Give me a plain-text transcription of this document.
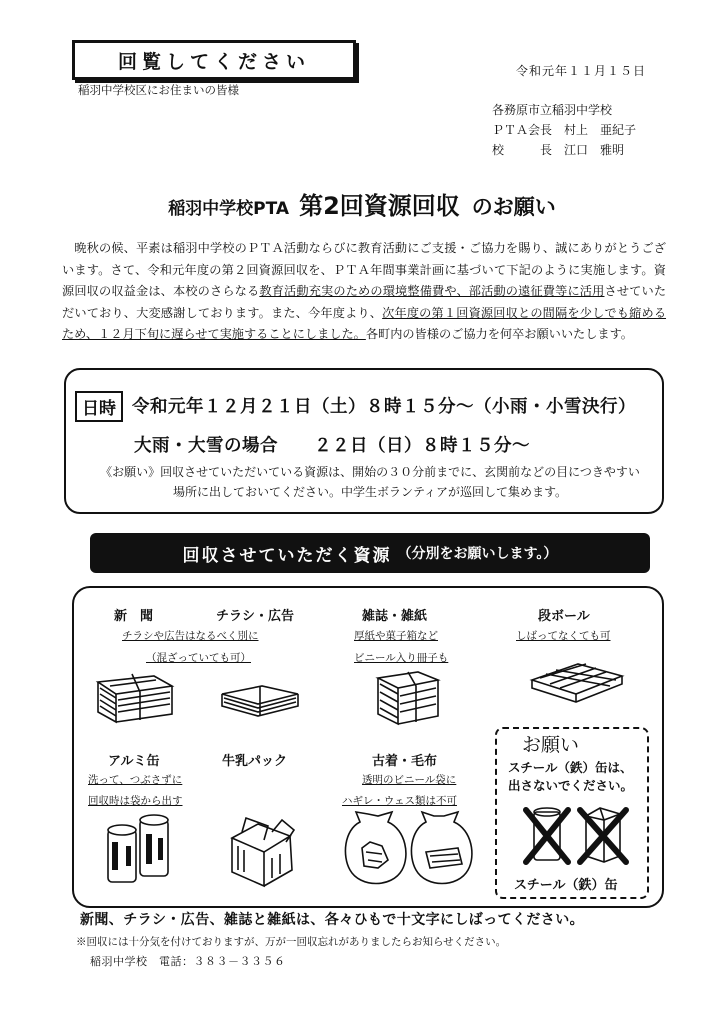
回覧してください	令和元年１１月１５日
稲羽中学校区にお住まいの皆様
各務原市立稲羽中学校
ＰＴＡ会長　村上　亜紀子
校　　　長　江口　雅明
稲羽中学校PTA 第2回資源回収 のお願い
　晩秋の候、平素は稲羽中学校のＰＴＡ活動ならびに教育活動にご支援・ご協力を賜り、誠にありがとうございます。さて、令和元年度の第２回資源回収を、ＰＴＡ年間事業計画に基づいて下記のように実施します。資源回収の収益金は、本校のさらなる教育活動充実のための環境整備費や、部活動の遠征費等に活用させていただいており、大変感謝しております。また、今年度より、次年度の第１回資源回収との間隔を少しでも縮めるため、１２月下旬に遅らせて実施することにしました。各町内の皆様のご協力を何卒お願いいたします。
日時 令和元年１２月２１日（土）８時１５分～（小雨・小雪決行）
大雨・大雪の場合　　２２日（日）８時１５分～
《お願い》回収させていただいている資源は、開始の３０分前までに、玄関前などの目につきやすい場所に出しておいてください。中学生ボランティアが巡回して集めます。
回収させていただく資源 （分別をお願いします。）
新　聞	チラシ・広告
チラシや広告はなるべく別に
（混ざっていても可）
雑誌・雑紙
厚紙や菓子箱など
ビニール入り冊子も
段ボール
しばってなくても可
アルミ缶
洗って、つぶさずに
回収時は袋から出す
牛乳パック	古着・毛布
透明のビニール袋に
ハギレ・ウェス類は不可
お願い
スチール（鉄）缶は、
出さないでください。
スチール（鉄）缶
新聞、チラシ・広告、雑誌と雑紙は、各々ひもで十文字にしばってください。
※回収には十分気を付けておりますが、万が一回収忘れがありましたらお知らせください。
稲羽中学校　電話：３８３－３３５６
